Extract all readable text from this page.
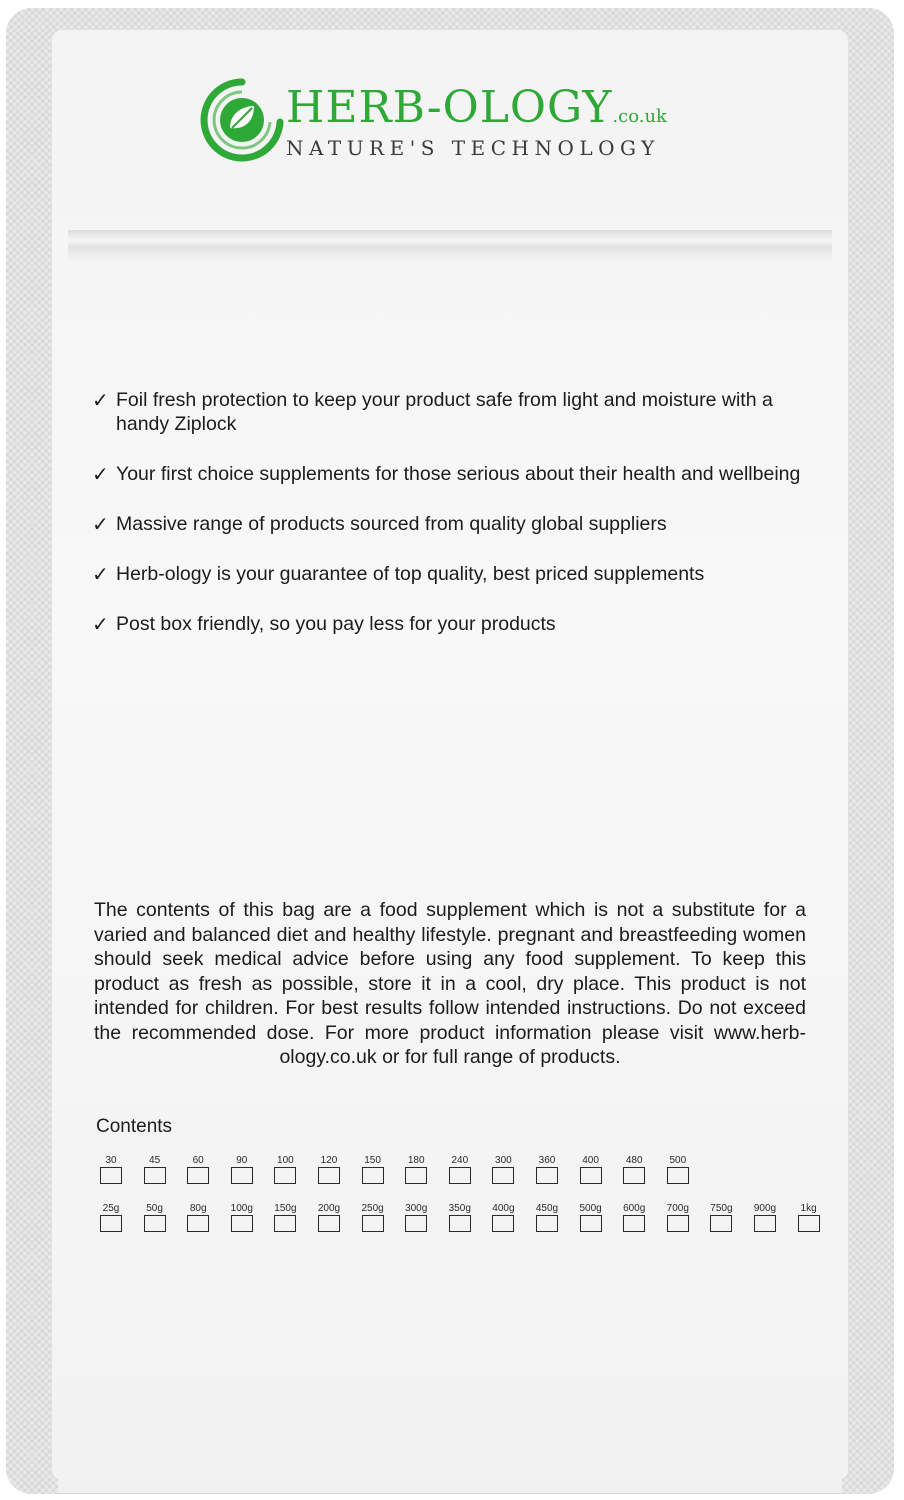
HERB-OLOGY.co.uk
NATURE'S TECHNOLOGY
✓ Foil fresh protection to keep your product safe from light and moisture with a handy Ziplock
✓ Your first choice supplements for those serious about their health and wellbeing
✓ Massive range of products sourced from quality global suppliers
✓ Herb-ology is your guarantee of top quality, best priced supplements
✓ Post box friendly, so you pay less for your products
The contents of this bag are a food supplement which is not a substitute for a varied and balanced diet and healthy lifestyle. pregnant and breastfeeding women should seek medical advice before using any food supplement. To keep this product as fresh as possible, store it in a cool, dry place. This product is not intended for children. For best results follow intended instructions. Do not exceed the recommended dose. For more product information please visit www.herb-ology.co.uk or for full range of products.
Contents
30	45	60	90	100	120	150	180	240	300	360	400	480	500
25g	50g	80g	100g	150g	200g	250g	300g	350g	400g	450g	500g	600g	700g	750g	900g	1kg
